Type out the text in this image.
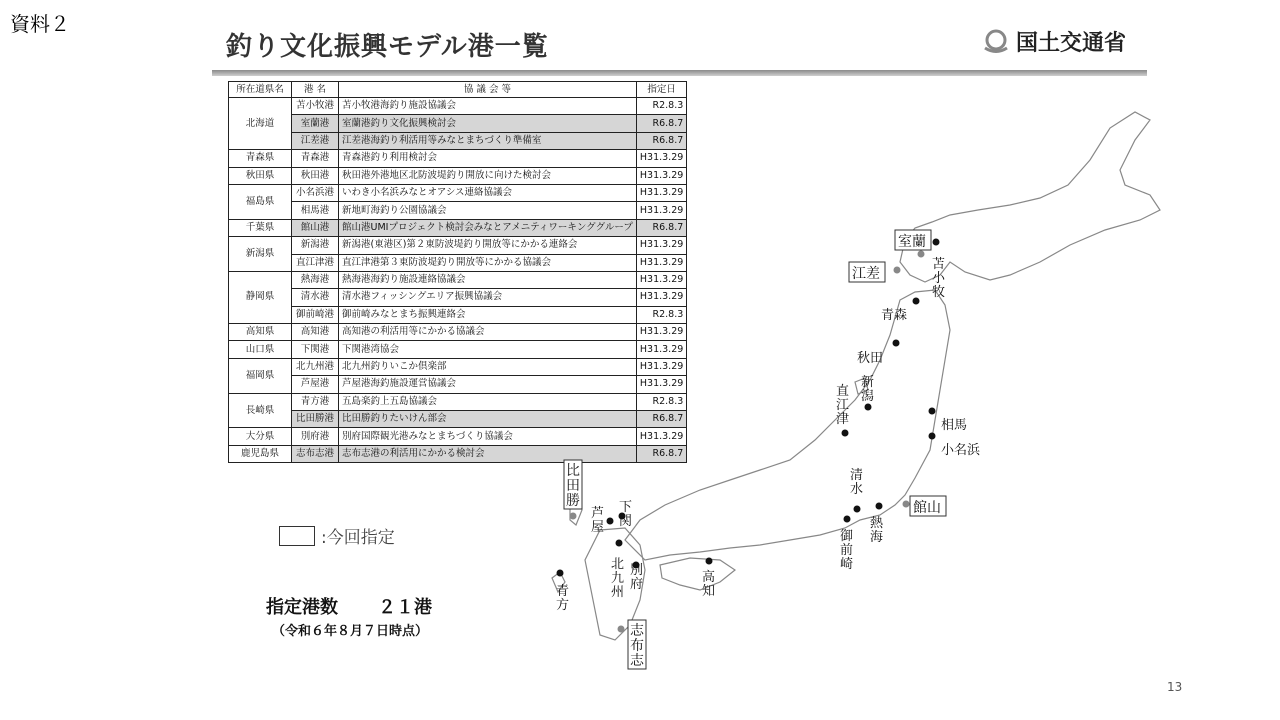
資料２
釣り文化振興モデル港一覧	国土交通省
所在道県名	港 名	協 議 会 等	指定日
北海道	苫小牧港	苫小牧港海釣り施設協議会	R2.8.3
	室蘭港	室蘭港釣り文化振興検討会	R6.8.7
	江差港	江差港海釣り利活用等みなとまちづくり準備室	R6.8.7
青森県	青森港	青森港釣り利用検討会	H31.3.29
秋田県	秋田港	秋田港外港地区北防波堤釣り開放に向けた検討会	H31.3.29
福島県	小名浜港	いわき小名浜みなとオアシス連絡協議会	H31.3.29
	相馬港	新地町海釣り公園協議会	H31.3.29
千葉県	館山港	館山港UMIプロジェクト検討会みなとアメニティワーキンググループ	R6.8.7
新潟県	新潟港	新潟港(東港区)第２東防波堤釣り開放等にかかる連絡会	H31.3.29
	直江津港	直江津港第３東防波堤釣り開放等にかかる協議会	H31.3.29
静岡県	熱海港	熱海港海釣り施設連絡協議会	H31.3.29
	清水港	清水港フィッシングエリア振興協議会	H31.3.29
	御前崎港	御前崎みなとまち振興連絡会	R2.8.3
高知県	高知港	高知港の利活用等にかかる協議会	H31.3.29
山口県	下関港	下関港湾協会	H31.3.29
福岡県	北九州港	北九州釣りいこか倶楽部	H31.3.29
	芦屋港	芦屋港海釣施設運営協議会	H31.3.29
長崎県	青方港	五島楽釣上五島協議会	R2.8.3
	比田勝港	比田勝釣りたいけん部会	R6.8.7
大分県	別府港	別府国際観光港みなとまちづくり協議会	H31.3.29
鹿児島県	志布志港	志布志港の利活用にかかる検討会	R6.8.7
室蘭
苫小牧
江差
青森
秋田
新潟
直江津	相馬
小名浜
館山
清水
熱海
御前崎
高知
下関
芦屋
北九州
別府
比田勝
青方
志布志
:今回指定
指定港数 ２１港
（令和６年８月７日時点）
13
